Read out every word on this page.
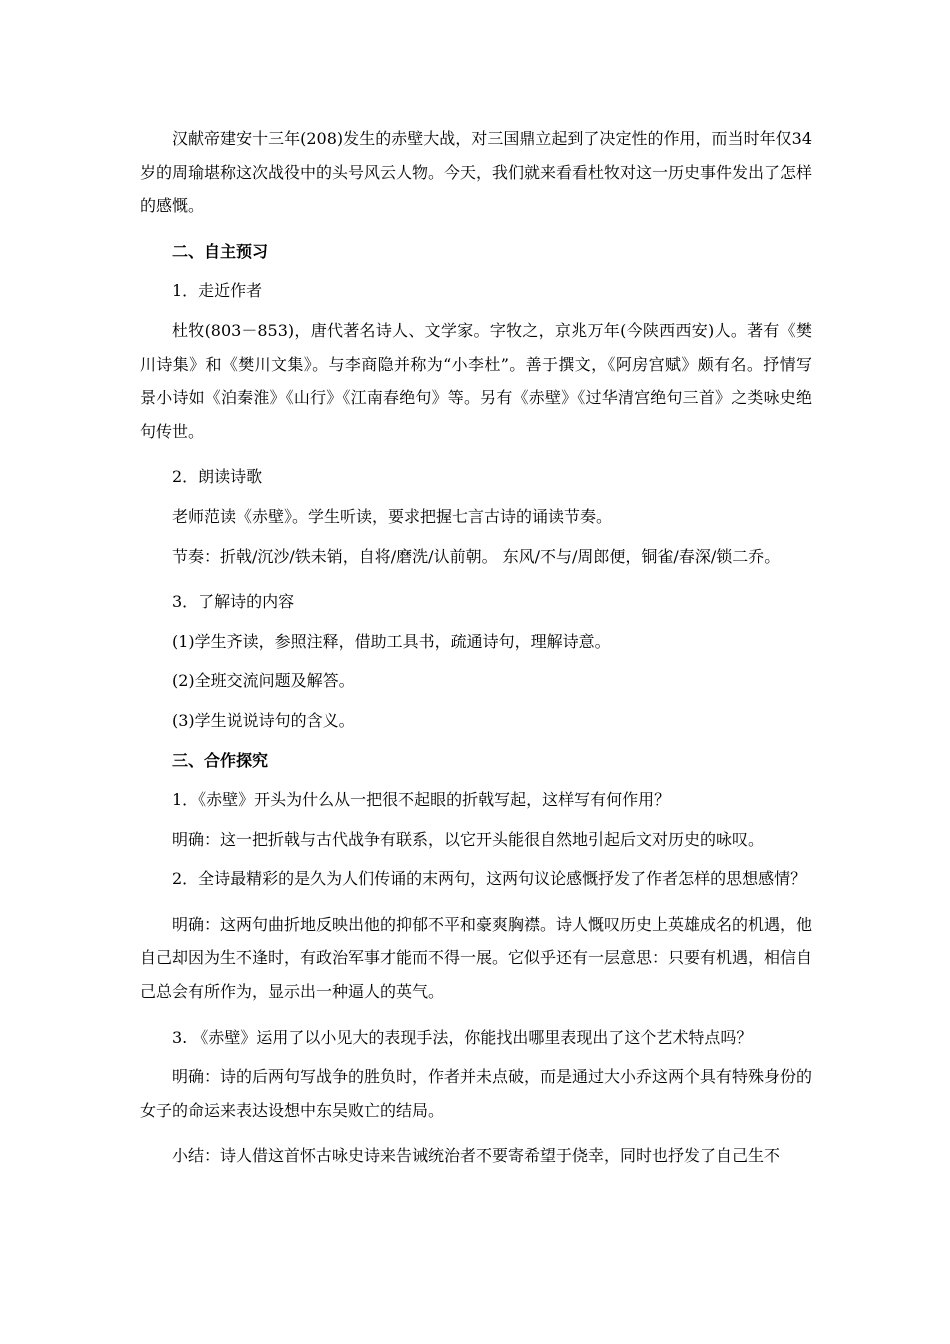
汉献帝建安十三年(208)发生的赤壁大战，对三国鼎立起到了决定性的作用，而当时年仅34岁的周瑜堪称这次战役中的头号风云人物。今天，我们就来看看杜牧对这一历史事件发出了怎样的感慨。

二、自主预习

1．走近作者

杜牧(803－853)，唐代著名诗人、文学家。字牧之，京兆万年(今陕西西安)人。著有《樊川诗集》和《樊川文集》。与李商隐并称为“小李杜”。善于撰文，《阿房宫赋》颇有名。抒情写景小诗如《泊秦淮》《山行》《江南春绝句》等。另有《赤壁》《过华清宫绝句三首》之类咏史绝句传世。

2．朗读诗歌

老师范读《赤壁》。学生听读，要求把握七言古诗的诵读节奏。

节奏：折戟/沉沙/铁未销，自将/磨洗/认前朝。 东风/不与/周郎便，铜雀/春深/锁二乔。

3．了解诗的内容

(1)学生齐读，参照注释，借助工具书，疏通诗句，理解诗意。

(2)全班交流问题及解答。

(3)学生说说诗句的含义。

三、合作探究

1．《赤壁》开头为什么从一把很不起眼的折戟写起，这样写有何作用？

明确：这一把折戟与古代战争有联系，以它开头能很自然地引起后文对历史的咏叹。

2．全诗最精彩的是久为人们传诵的末两句，这两句议论感慨抒发了作者怎样的思想感情？

明确：这两句曲折地反映出他的抑郁不平和豪爽胸襟。诗人慨叹历史上英雄成名的机遇，他自己却因为生不逢时，有政治军事才能而不得一展。它似乎还有一层意思：只要有机遇，相信自己总会有所作为，显示出一种逼人的英气。

3. 《赤壁》运用了以小见大的表现手法，你能找出哪里表现出了这个艺术特点吗？

明确：诗的后两句写战争的胜负时，作者并未点破，而是通过大小乔这两个具有特殊身份的女子的命运来表达设想中东吴败亡的结局。

小结：诗人借这首怀古咏史诗来告诫统治者不要寄希望于侥幸，同时也抒发了自己生不
